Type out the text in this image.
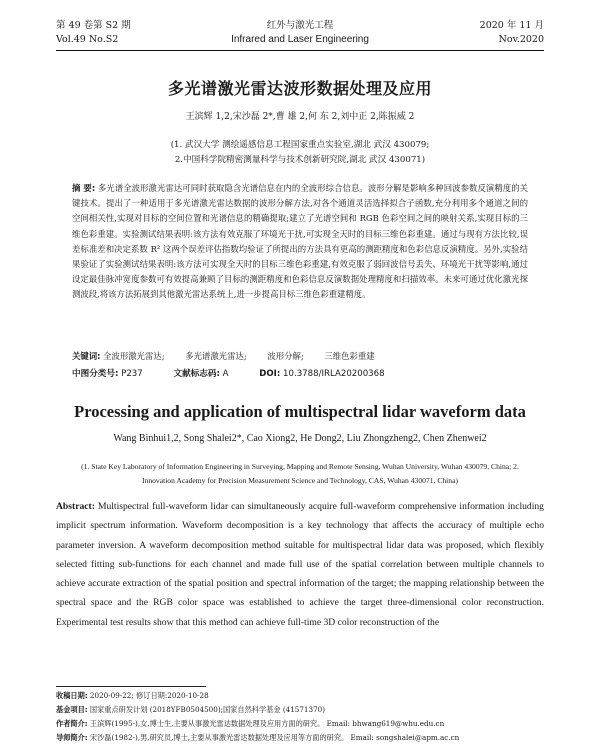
第 49 卷第 S2 期	红外与激光工程	2020 年 11 月
Vol.49 No.S2	Infrared and Laser Engineering	Nov.2020
多光谱激光雷达波形数据处理及应用
王滨辉 1,2,宋沙磊 2*,曹 雄 2,何 东 2,刘中正 2,陈振威 2
(1. 武汉大学 测绘遥感信息工程国家重点实验室,湖北 武汉 430079;
2.中国科学院精密测量科学与技术创新研究院,湖北 武汉 430071)
摘 要: 多光谱全波形激光雷达可同时获取隐含光谱信息在内的全波形综合信息。波形分解是影响多种回波参数反演精度的关键技术。提出了一种适用于多光谱激光雷达数据的波形分解方法,对各个通道灵活选择拟合子函数,充分利用多个通道之间的空间相关性,实现对目标的空间位置和光谱信息的精确提取;建立了光谱空间和 RGB 色彩空间之间的映射关系,实现目标的三维色彩重建。实验测试结果表明:该方法有效克服了环境光干扰,可实现全天时的目标三维色彩重建。通过与现有方法比较,误差标准差和决定系数 R² 这两个误差评估指数均验证了所提出的方法具有更高的测距精度和色彩信息反演精度。另外,实验结果验证了实验测试结果表明:该方法可实现全天时的目标三维色彩重建,有效克服了弱回波信号丢失、环境光干扰等影响,通过设定最佳脉冲宽度参数可有效提高兼顾了目标的测距精度和色彩信息反演数据处理精度和扫描效率。未来可通过优化激光探测波段,将该方法拓展到其他激光雷达系统上,进一步提高目标三维色彩重建精度。
关键词: 全波形激光雷达; 多光谱激光雷达; 波形分解; 三维色彩重建
中图分类号: P237	文献标志码: A	DOI: 10.3788/IRLA20200368
Processing and application of multispectral lidar waveform data
Wang Binhui1,2, Song Shalei2*, Cao Xiong2, He Dong2, Liu Zhongzheng2, Chen Zhenwei2
(1. State Key Laboratory of Information Engineering in Surveying, Mapping and Remote Sensing, Wuhan University, Wuhan 430079, China; 2. Innovation Academy for Precision Measurement Science and Technology, CAS, Wuhan 430071, China)
Abstract: Multispectral full-waveform lidar can simultaneously acquire full-waveform comprehensive information including implicit spectrum information. Waveform decomposition is a key technology that affects the accuracy of multiple echo parameter inversion. A waveform decomposition method suitable for multispectral lidar data was proposed, which flexibly selected fitting sub-functions for each channel and made full use of the spatial correlation between multiple channels to achieve accurate extraction of the spatial position and spectral information of the target; the mapping relationship between the spectral space and the RGB color space was established to achieve the target three-dimensional color reconstruction. Experimental test results show that this method can achieve full-time 3D color reconstruction of the
收稿日期: 2020-09-22; 修订日期:2020-10-28
基金项目: 国家重点研发计划 (2018YFB0504500);国家自然科学基金 (41571370)
作者简介: 王滨辉(1995-),女,博士生,主要从事激光雷达数据处理及应用方面的研究。 Email: bhwang619@whu.edu.cn
导师简介: 宋沙磊(1982-),男,研究员,博士,主要从事激光雷达数据处理及应用等方面的研究。 Email: songshalei@apm.ac.cn
